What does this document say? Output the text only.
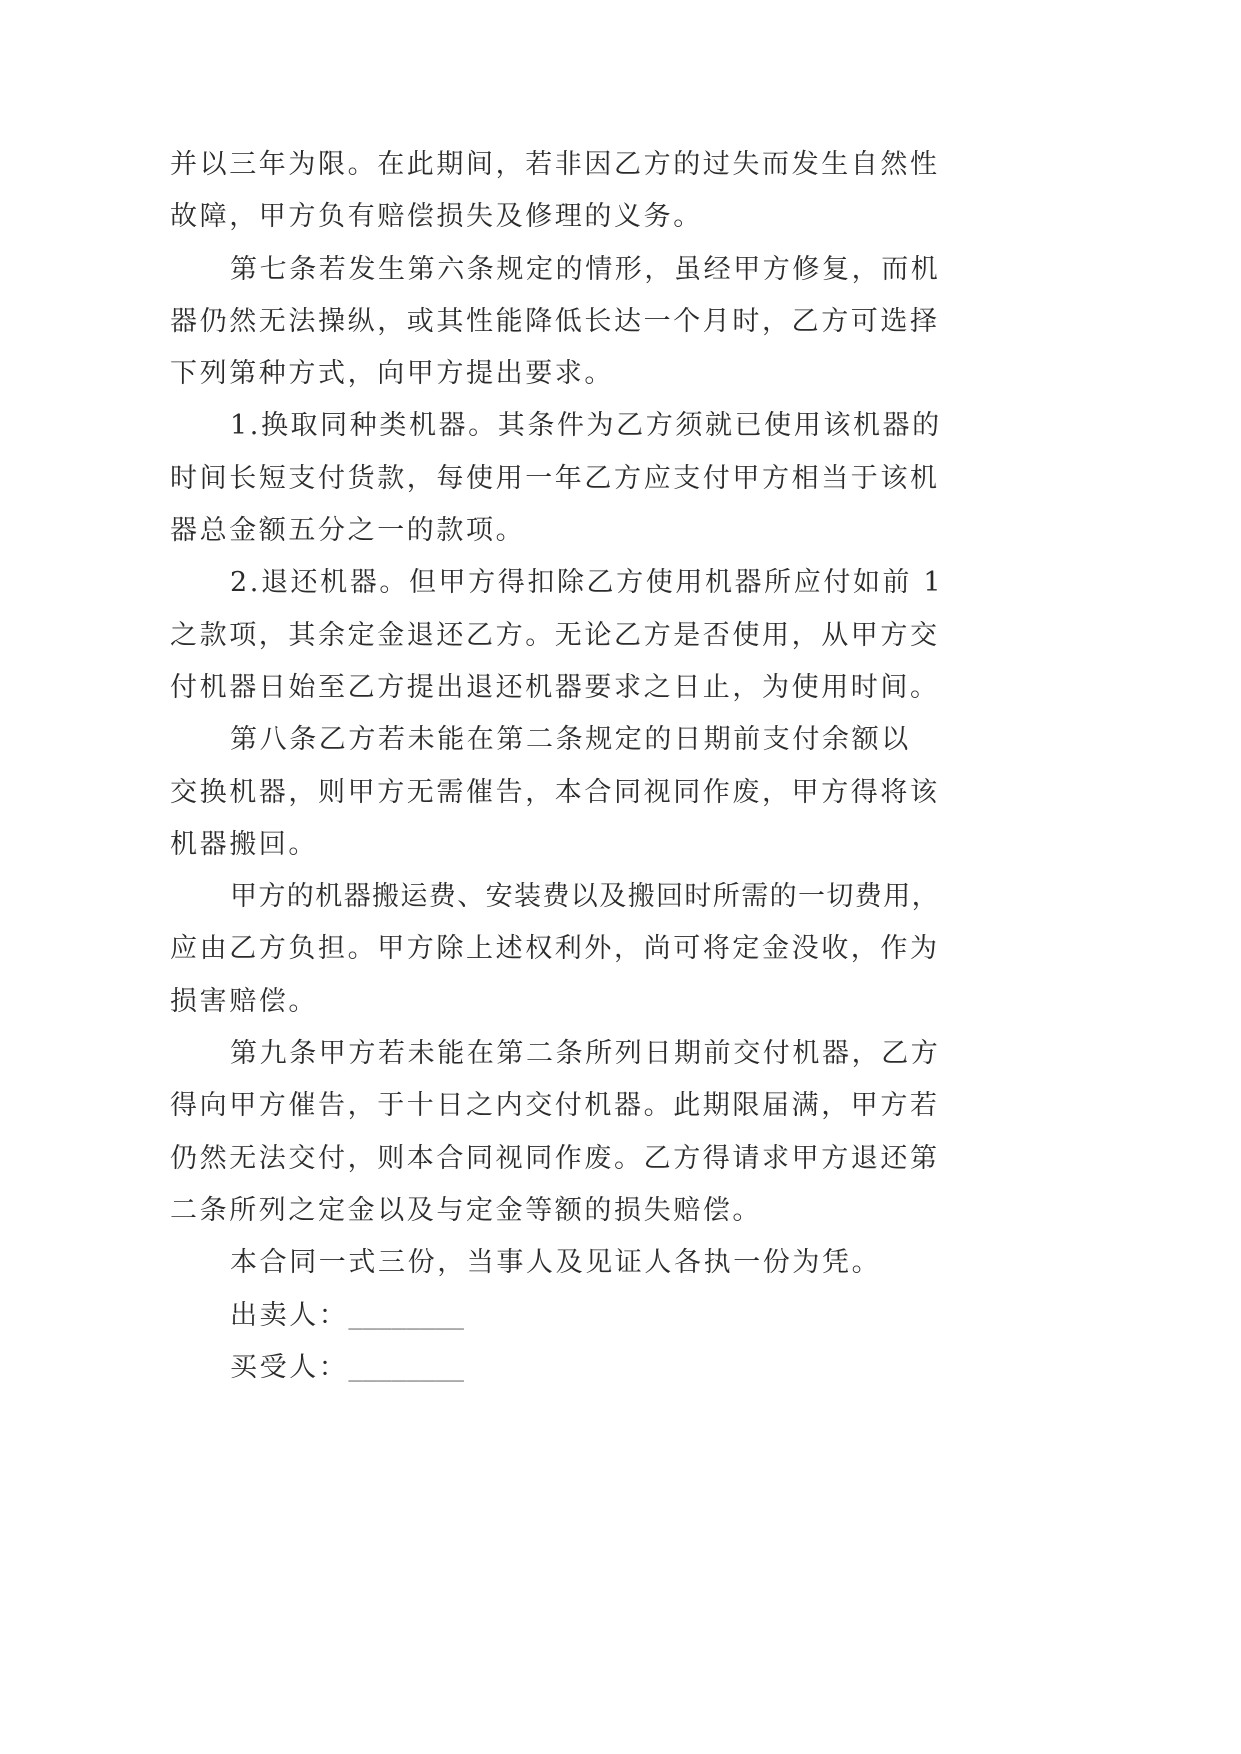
并以三年为限。在此期间，若非因乙方的过失而发生自然性
故障，甲方负有赔偿损失及修理的义务。
第七条若发生第六条规定的情形，虽经甲方修复，而机
器仍然无法操纵，或其性能降低长达一个月时，乙方可选择
下列第种方式，向甲方提出要求。
1.换取同种类机器。其条件为乙方须就已使用该机器的
时间长短支付货款，每使用一年乙方应支付甲方相当于该机
器总金额五分之一的款项。
2.退还机器。但甲方得扣除乙方使用机器所应付如前 1
之款项，其余定金退还乙方。无论乙方是否使用，从甲方交
付机器日始至乙方提出退还机器要求之日止，为使用时间。
第八条乙方若未能在第二条规定的日期前支付余额以
交换机器，则甲方无需催告，本合同视同作废，甲方得将该
机器搬回。
甲方的机器搬运费、安装费以及搬回时所需的一切费用，
应由乙方负担。甲方除上述权利外，尚可将定金没收，作为
损害赔偿。
第九条甲方若未能在第二条所列日期前交付机器，乙方
得向甲方催告，于十日之内交付机器。此期限届满，甲方若
仍然无法交付，则本合同视同作废。乙方得请求甲方退还第
二条所列之定金以及与定金等额的损失赔偿。
本合同一式三份，当事人及见证人各执一份为凭。
出卖人：________
买受人：________
